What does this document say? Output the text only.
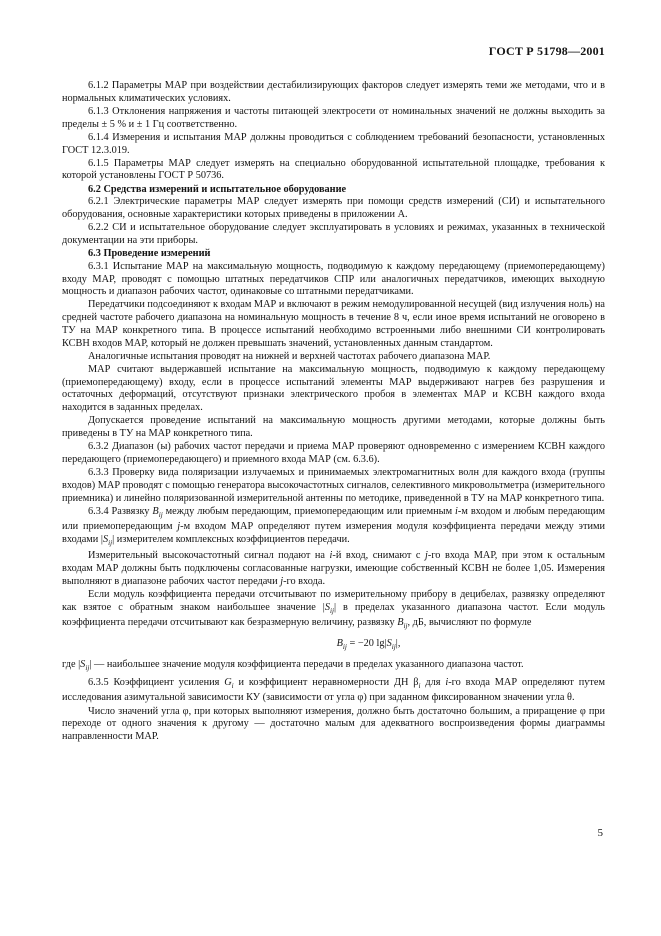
ГОСТ Р 51798—2001

6.1.2 Параметры МАР при воздействии дестабилизирующих факторов следует измерять теми же методами, что и в нормальных климатических условиях.

6.1.3 Отклонения напряжения и частоты питающей электросети от номинальных значений не должны выходить за пределы ± 5 % и ± 1 Гц соответственно.

6.1.4 Измерения и испытания МАР должны проводиться с соблюдением требований безопасности, установленных ГОСТ 12.3.019.

6.1.5 Параметры МАР следует измерять на специально оборудованной испытательной площадке, требования к которой установлены ГОСТ Р 50736.

6.2 Средства измерений и испытательное оборудование

6.2.1 Электрические параметры МАР следует измерять при помощи средств измерений (СИ) и испытательного оборудования, основные характеристики которых приведены в приложении А.

6.2.2 СИ и испытательное оборудование следует эксплуатировать в условиях и режимах, указанных в технической документации на эти приборы.

6.3 Проведение измерений

6.3.1 Испытание МАР на максимальную мощность, подводимую к каждому передающему (приемопередающему) входу МАР, проводят с помощью штатных передатчиков СПР или аналогичных передатчиков, имеющих выходную мощность и диапазон рабочих частот, одинаковые со штатными передатчиками.

Передатчики подсоединяют к входам МАР и включают в режим немодулированной несущей (вид излучения ноль) на средней частоте рабочего диапазона на номинальную мощность в течение 8 ч, если иное время испытаний не оговорено в ТУ на МАР конкретного типа. В процессе испытаний необходимо встроенными либо внешними СИ контролировать КСВН входов МАР, который не должен превышать значений, установленных данным стандартом.

Аналогичные испытания проводят на нижней и верхней частотах рабочего диапазона МАР.

МАР считают выдержавшей испытание на максимальную мощность, подводимую к каждому передающему (приемопередающему) входу, если в процессе испытаний элементы МАР выдерживают нагрев без разрушения и остаточных деформаций, отсутствуют признаки электрического пробоя в элементах МАР и КСВН каждого входа находится в заданных пределах.

Допускается проведение испытаний на максимальную мощность другими методами, которые должны быть приведены в ТУ на МАР конкретного типа.

6.3.2 Диапазон (ы) рабочих частот передачи и приема МАР проверяют одновременно с измерением КСВН каждого передающего (приемопередающего) и приемного входа МАР (см. 6.3.6).

6.3.3 Проверку вида поляризации излучаемых и принимаемых электромагнитных волн для каждого входа (группы входов) МАР проводят с помощью генератора высокочастотных сигналов, селективного микровольтметра (измерительного приемника) и линейно поляризованной измерительной антенны по методике, приведенной в ТУ на МАР конкретного типа.

6.3.4 Развязку $B_{ij}$ между любым передающим, приемопередающим или приемным i-м входом и любым передающим или приемопередающим j-м входом МАР определяют путем измерения модуля коэффициента передачи между этими входами $|S_{ij}|$ измерителем комплексных коэффициентов передачи.

Измерительный высокочастотный сигнал подают на i-й вход, снимают с j-го входа МАР, при этом к остальным входам МАР должны быть подключены согласованные нагрузки, имеющие собственный КСВН не более 1,05. Измерения выполняют в диапазоне рабочих частот передачи j-го входа.

Если модуль коэффициента передачи отсчитывают по измерительному прибору в децибелах, развязку определяют как взятое с обратным знаком наибольшее значение $|S_{ij}|$ в пределах указанного диапазона частот. Если модуль коэффициента передачи отсчитывают как безразмерную величину, развязку $B_{ij}$, дБ, вычисляют по формуле

$B_{ij} = -20$ $\lg|S_{ij}|$,

где $|S_{ij}|$ — наибольшее значение модуля коэффициента передачи в пределах указанного диапазона частот.

6.3.5 Коэффициент усиления $G_i$ и коэффициент неравномерности ДН $\beta_i$ для i-го входа МАР определяют путем исследования азимутальной зависимости КУ (зависимости от угла φ) при заданном фиксированном значении угла θ.

Число значений угла φ, при которых выполняют измерения, должно быть достаточно большим, а приращение φ при переходе от одного значения к другому — достаточно малым для адекватного воспроизведения формы диаграммы направленности МАР.

5
